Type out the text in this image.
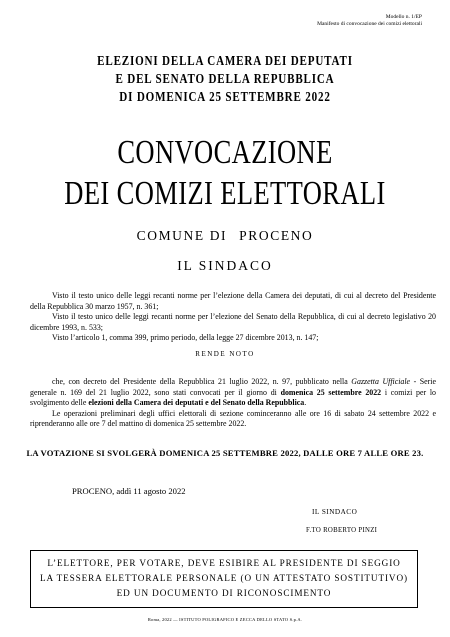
Modello n. 1/EP
Manifesto di convocazione dei comizi elettorali
ELEZIONI DELLA CAMERA DEI DEPUTATI
E DEL SENATO DELLA REPUBBLICA
DI DOMENICA 25 SETTEMBRE 2022
CONVOCAZIONE
DEI COMIZI ELETTORALI
COMUNE DI PROCENO
IL SINDACO

Visto il testo unico delle leggi recanti norme per l’elezione della Camera dei deputati, di cui al decreto del Presidente della Repubblica 30 marzo 1957, n. 361;

Visto il testo unico delle leggi recanti norme per l’elezione del Senato della Repubblica, di cui al decreto legislativo 20 dicembre 1993, n. 533;

Visto l’articolo 1, comma 399, primo periodo, della legge 27 dicembre 2013, n. 147;

RENDE NOTO

che, con decreto del Presidente della Repubblica 21 luglio 2022, n. 97, pubblicato nella Gazzetta Ufficiale - Serie generale n. 169 del 21 luglio 2022, sono stati convocati per il giorno di domenica 25 settembre 2022 i comizi per lo svolgimento delle elezioni della Camera dei deputati e del Senato della Repubblica.

Le operazioni preliminari degli uffici elettorali di sezione cominceranno alle ore 16 di sabato 24 settembre 2022 e riprenderanno alle ore 7 del mattino di domenica 25 settembre 2022.

LA VOTAZIONE SI SVOLGERÀ DOMENICA 25 SETTEMBRE 2022, DALLE ORE 7 ALLE ORE 23.
PROCENO, addì 11 agosto 2022
IL SINDACO
F.TO ROBERTO PINZI
L’ELETTORE, PER VOTARE, DEVE ESIBIRE AL PRESIDENTE DI SEGGIO
LA TESSERA ELETTORALE PERSONALE (O UN ATTESTATO SOSTITUTIVO)
ED UN DOCUMENTO DI RICONOSCIMENTO
Roma, 2022 — ISTITUTO POLIGRAFICO E ZECCA DELLO STATO S.p.A.
